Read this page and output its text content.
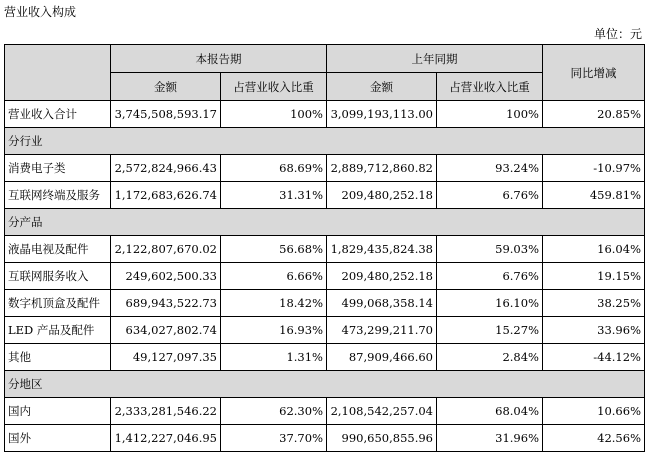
营业收入构成
单位：元
	本报告期		上年同期		同比增减
	金额	占营业收入比重	金额	占营业收入比重	
营业收入合计	3,745,508,593.17	100%	3,099,193,113.00	100%	20.85%
分行业					
消费电子类	2,572,824,966.43	68.69%	2,889,712,860.82	93.24%	-10.97%
互联网终端及服务	1,172,683,626.74	31.31%	209,480,252.18	6.76%	459.81%
分产品					
液晶电视及配件	2,122,807,670.02	56.68%	1,829,435,824.38	59.03%	16.04%
互联网服务收入	249,602,500.33	6.66%	209,480,252.18	6.76%	19.15%
数字机顶盒及配件	689,943,522.73	18.42%	499,068,358.14	16.10%	38.25%
LED 产品及配件	634,027,802.74	16.93%	473,299,211.70	15.27%	33.96%
其他	49,127,097.35	1.31%	87,909,466.60	2.84%	-44.12%
分地区					
国内	2,333,281,546.22	62.30%	2,108,542,257.04	68.04%	10.66%
国外	1,412,227,046.95	37.70%	990,650,855.96	31.96%	42.56%
